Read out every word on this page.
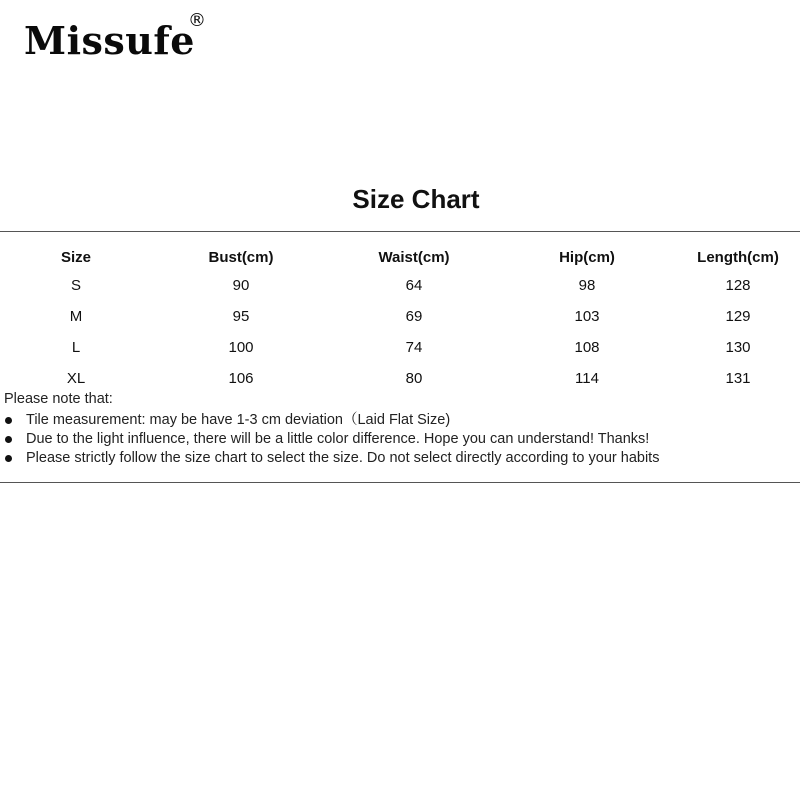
Missufe
®
Size Chart
Size	Bust(cm)	Waist(cm)	Hip(cm)	Length(cm)
S	90	64	98	128
M	95	69	103	129
L	100	74	108	130
XL	106	80	114	131
Please note that:
Tile measurement: may be have 1-3 cm deviation（Laid Flat Size)
Due to the light influence, there will be a little color difference. Hope you can understand! Thanks!
Please strictly follow the size chart to select the size. Do not select directly according to your habits
